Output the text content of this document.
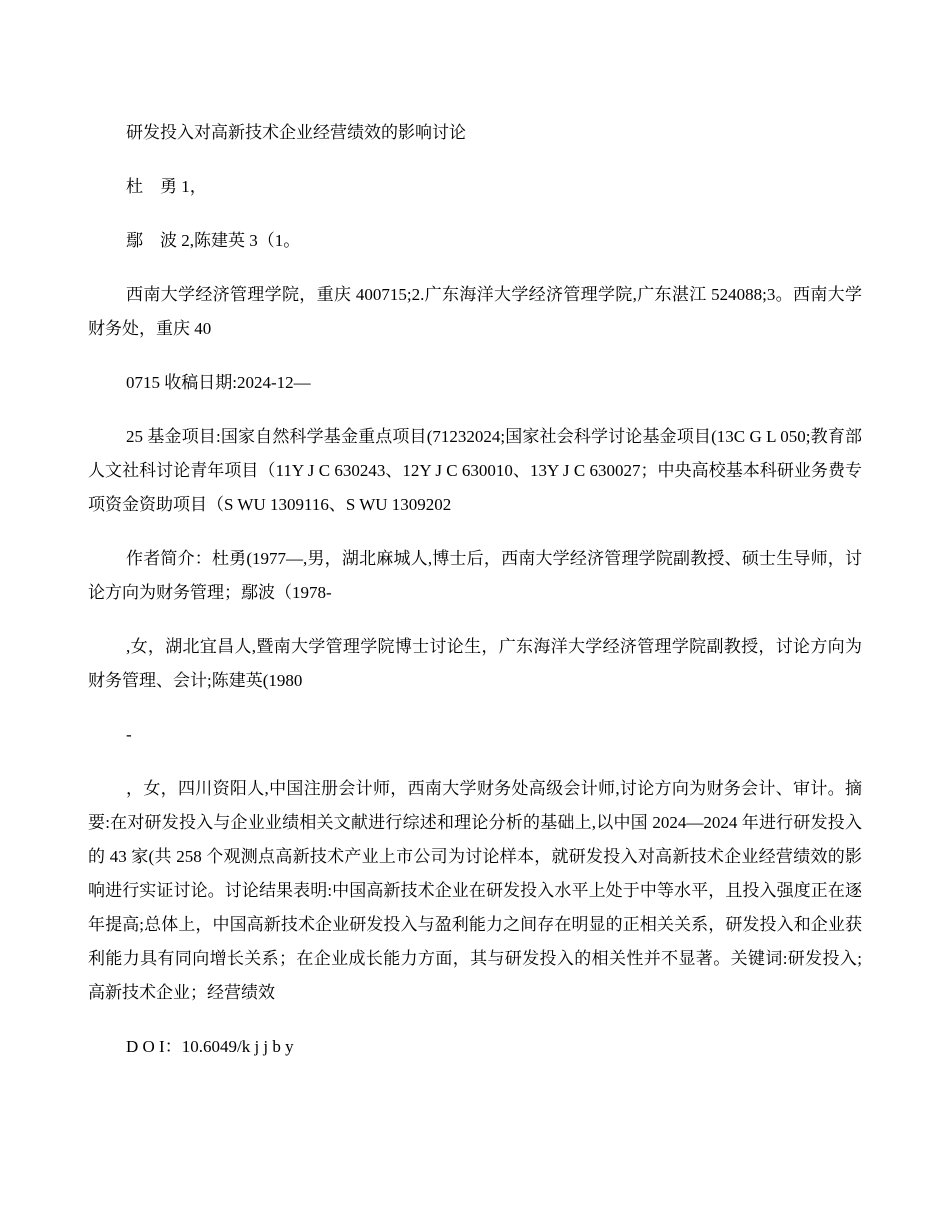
研发投入对高新技术企业经营绩效的影响讨论

杜　勇 1，

鄢　波 2,陈建英 3（1。

西南大学经济管理学院，重庆 400715;2.广东海洋大学经济管理学院,广东湛江 524088;3。西南大学财务处，重庆 40

0715 收稿日期:2024-12—

25 基金项目:国家自然科学基金重点项目(71232024;国家社会科学讨论基金项目(13C G L 050;教育部人文社科讨论青年项目（11Y J C 630243、12Y J C 630010、13Y J C 630027；中央高校基本科研业务费专项资金资助项目（S WU 1309116、S WU 1309202

作者简介：杜勇(1977—,男，湖北麻城人,博士后，西南大学经济管理学院副教授、硕士生导师，讨论方向为财务管理；鄢波（1978-

,女，湖北宜昌人,暨南大学管理学院博士讨论生，广东海洋大学经济管理学院副教授，讨论方向为财务管理、会计;陈建英(1980

-

，女，四川资阳人,中国注册会计师，西南大学财务处高级会计师,讨论方向为财务会计、审计。摘　要:在对研发投入与企业业绩相关文献进行综述和理论分析的基础上,以中国 2024—2024 年进行研发投入的 43 家(共 258 个观测点高新技术产业上市公司为讨论样本，就研发投入对高新技术企业经营绩效的影响进行实证讨论。讨论结果表明:中国高新技术企业在研发投入水平上处于中等水平，且投入强度正在逐年提高;总体上，中国高新技术企业研发投入与盈利能力之间存在明显的正相关关系，研发投入和企业获利能力具有同向增长关系；在企业成长能力方面，其与研发投入的相关性并不显著。关键词:研发投入;高新技术企业；经营绩效

D O I：10.6049/k j j b y
